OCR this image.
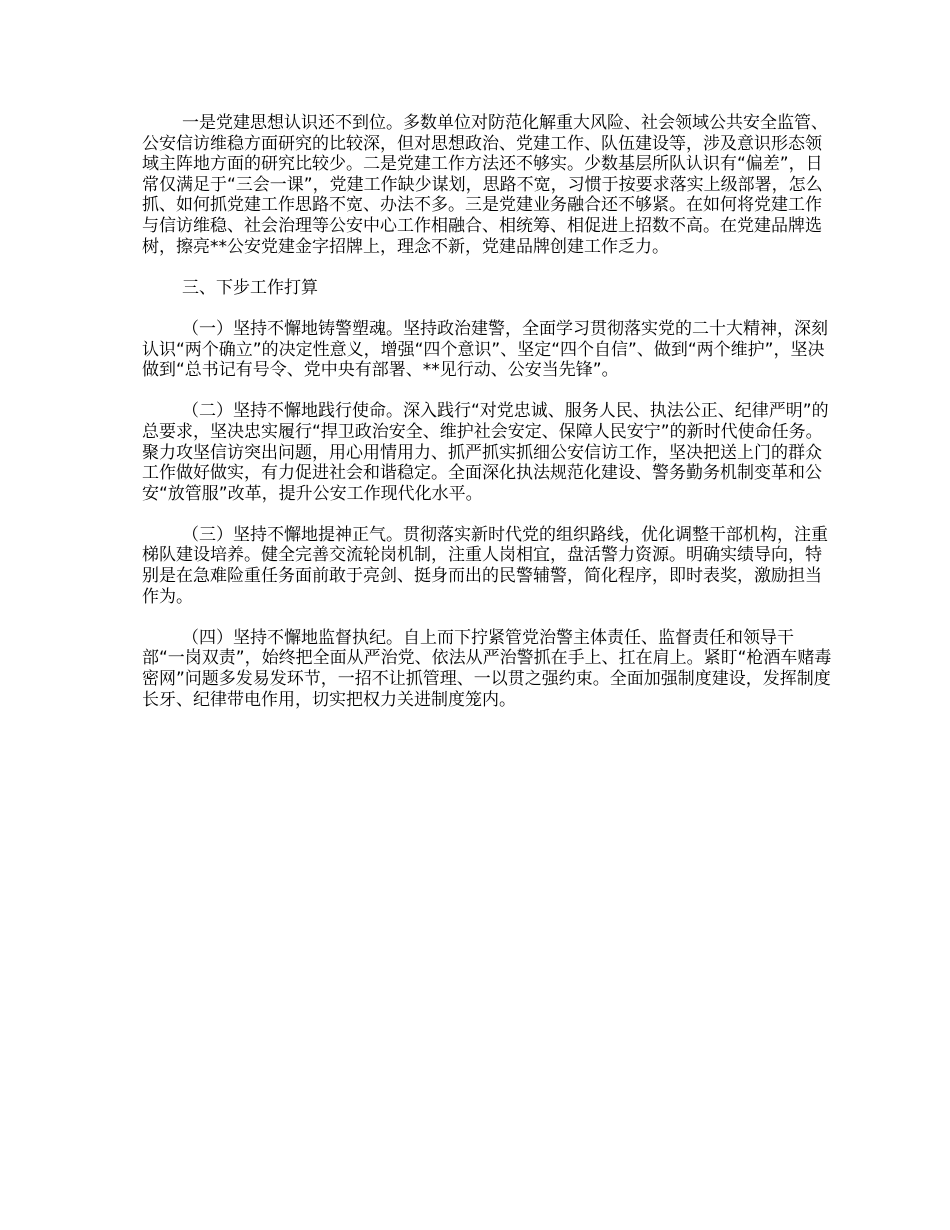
一是党建思想认识还不到位。多数单位对防范化解重大风险、社会领域公共安全监管、公安信访维稳方面研究的比较深，但对思想政治、党建工作、队伍建设等，涉及意识形态领域主阵地方面的研究比较少。二是党建工作方法还不够实。少数基层所队认识有“偏差”，日常仅满足于“三会一课”，党建工作缺少谋划，思路不宽，习惯于按要求落实上级部署，怎么抓、如何抓党建工作思路不宽、办法不多。三是党建业务融合还不够紧。在如何将党建工作与信访维稳、社会治理等公安中心工作相融合、相统筹、相促进上招数不高。在党建品牌选树，擦亮**公安党建金字招牌上，理念不新，党建品牌创建工作乏力。

三、下步工作打算

（一）坚持不懈地铸警塑魂。坚持政治建警，全面学习贯彻落实党的二十大精神，深刻认识“两个确立”的决定性意义，增强“四个意识”、坚定“四个自信”、做到“两个维护”，坚决做到“总书记有号令、党中央有部署、**见行动、公安当先锋”。

（二）坚持不懈地践行使命。深入践行“对党忠诚、服务人民、执法公正、纪律严明”的总要求，坚决忠实履行“捍卫政治安全、维护社会安定、保障人民安宁”的新时代使命任务。聚力攻坚信访突出问题，用心用情用力、抓严抓实抓细公安信访工作，坚决把送上门的群众工作做好做实，有力促进社会和谐稳定。全面深化执法规范化建设、警务勤务机制变革和公安“放管服”改革，提升公安工作现代化水平。

（三）坚持不懈地提神正气。贯彻落实新时代党的组织路线，优化调整干部机构，注重梯队建设培养。健全完善交流轮岗机制，注重人岗相宜，盘活警力资源。明确实绩导向，特别是在急难险重任务面前敢于亮剑、挺身而出的民警辅警，简化程序，即时表奖，激励担当作为。

（四）坚持不懈地监督执纪。自上而下拧紧管党治警主体责任、监督责任和领导干部“一岗双责”，始终把全面从严治党、依法从严治警抓在手上、扛在肩上。紧盯“枪酒车赌毒密网”问题多发易发环节，一招不让抓管理、一以贯之强约束。全面加强制度建设，发挥制度长牙、纪律带电作用，切实把权力关进制度笼内。
